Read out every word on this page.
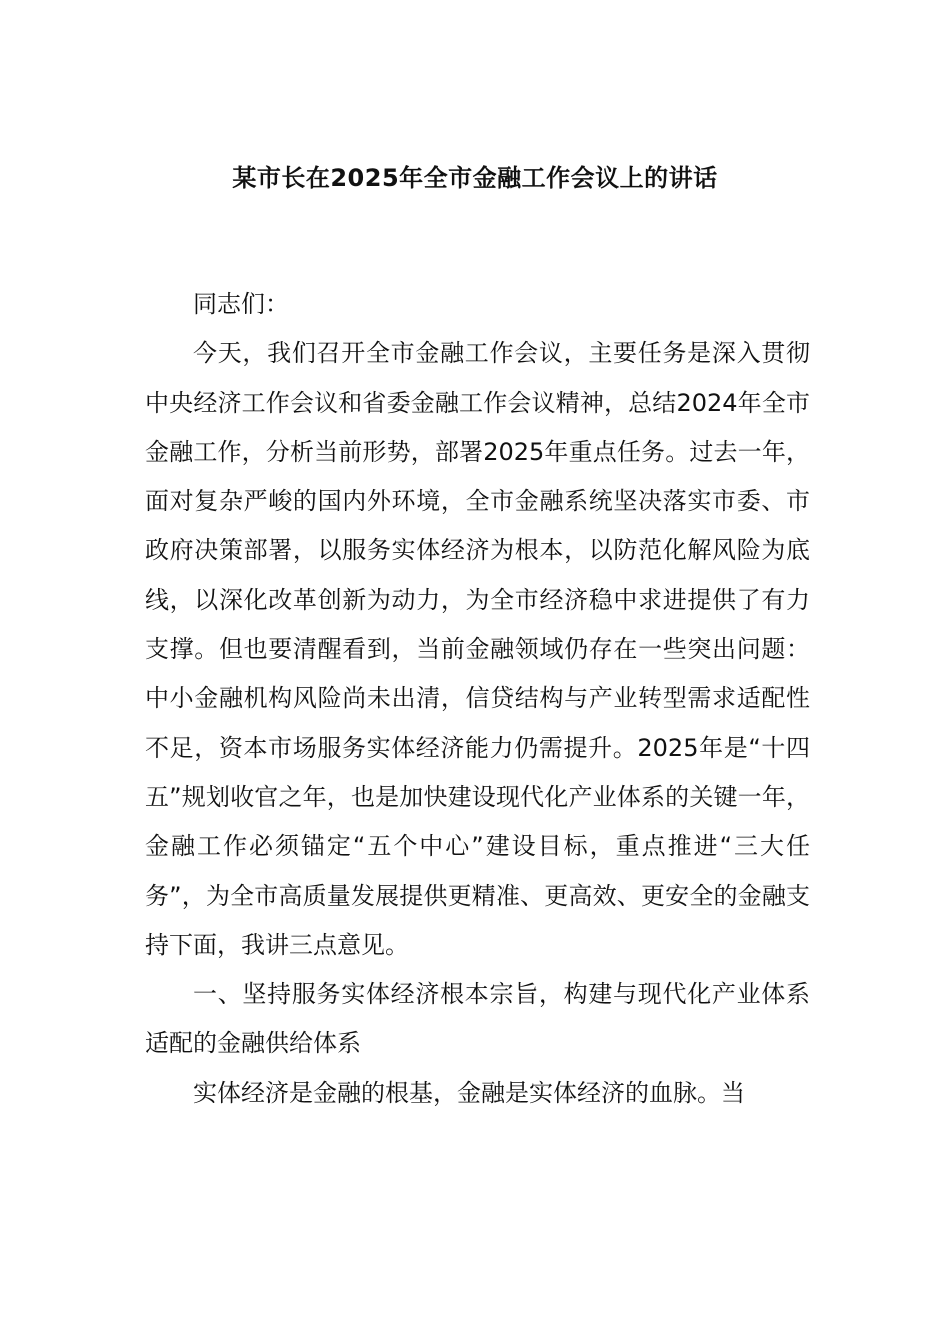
某市长在2025年全市金融工作会议上的讲话

同志们：

今天，我们召开全市金融工作会议，主要任务是深入贯彻中央经济工作会议和省委金融工作会议精神，总结2024年全市金融工作，分析当前形势，部署2025年重点任务。过去一年，面对复杂严峻的国内外环境，全市金融系统坚决落实市委、市政府决策部署，以服务实体经济为根本，以防范化解风险为底线，以深化改革创新为动力，为全市经济稳中求进提供了有力支撑。但也要清醒看到，当前金融领域仍存在一些突出问题：中小金融机构风险尚未出清，信贷结构与产业转型需求适配性不足，资本市场服务实体经济能力仍需提升。2025年是“十四五”规划收官之年，也是加快建设现代化产业体系的关键一年，金融工作必须锚定“五个中心”建设目标，重点推进“三大任务”，为全市高质量发展提供更精准、更高效、更安全的金融支持下面，我讲三点意见。

一、坚持服务实体经济根本宗旨，构建与现代化产业体系适配的金融供给体系

实体经济是金融的根基，金融是实体经济的血脉。当
